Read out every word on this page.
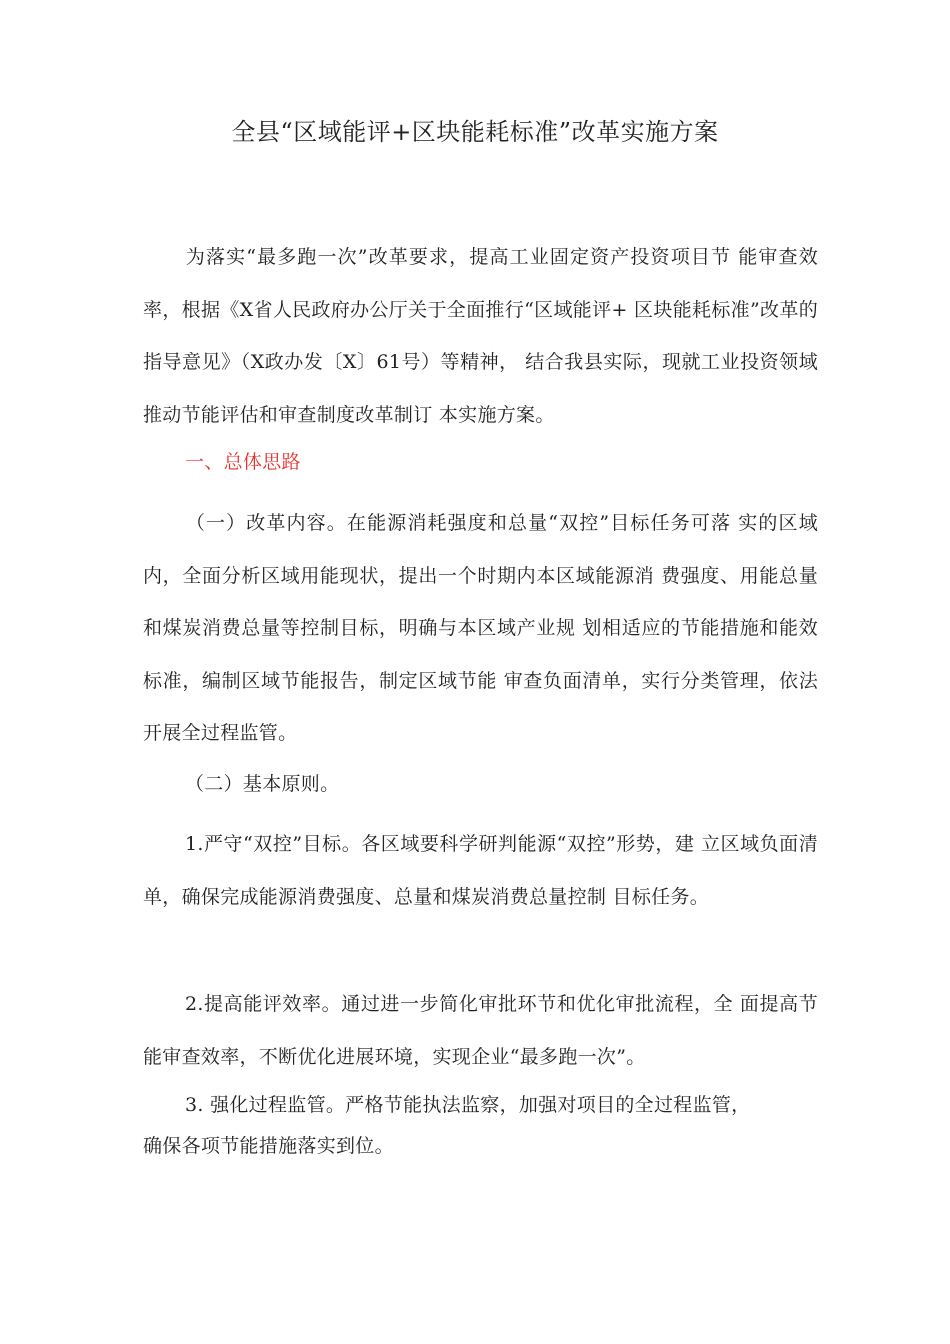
全县“区域能评+区块能耗标准”改革实施方案
为落实“最多跑一次”改革要求，提高工业固定资产投资项目节 能审查效率，根据《X省人民政府办公厅关于全面推行“区域能评+ 区块能耗标准”改革的指导意见》（X政办发〔X〕61号）等精神， 结合我县实际，现就工业投资领域推动节能评估和审查制度改革制订 本实施方案。
一、总体思路
（一）改革内容。在能源消耗强度和总量“双控”目标任务可落 实的区域内，全面分析区域用能现状，提出一个时期内本区域能源消 费强度、用能总量和煤炭消费总量等控制目标，明确与本区域产业规 划相适应的节能措施和能效标准，编制区域节能报告，制定区域节能 审查负面清单，实行分类管理，依法开展全过程监管。
（二）基本原则。
1.严守“双控”目标。各区域要科学研判能源“双控”形势，建 立区域负面清单，确保完成能源消费强度、总量和煤炭消费总量控制 目标任务。
2.提高能评效率。通过进一步简化审批环节和优化审批流程，全 面提高节能审查效率，不断优化进展环境，实现企业“最多跑一次”。
3. 强化过程监管。严格节能执法监察，加强对项目的全过程监管，
确保各项节能措施落实到位。
